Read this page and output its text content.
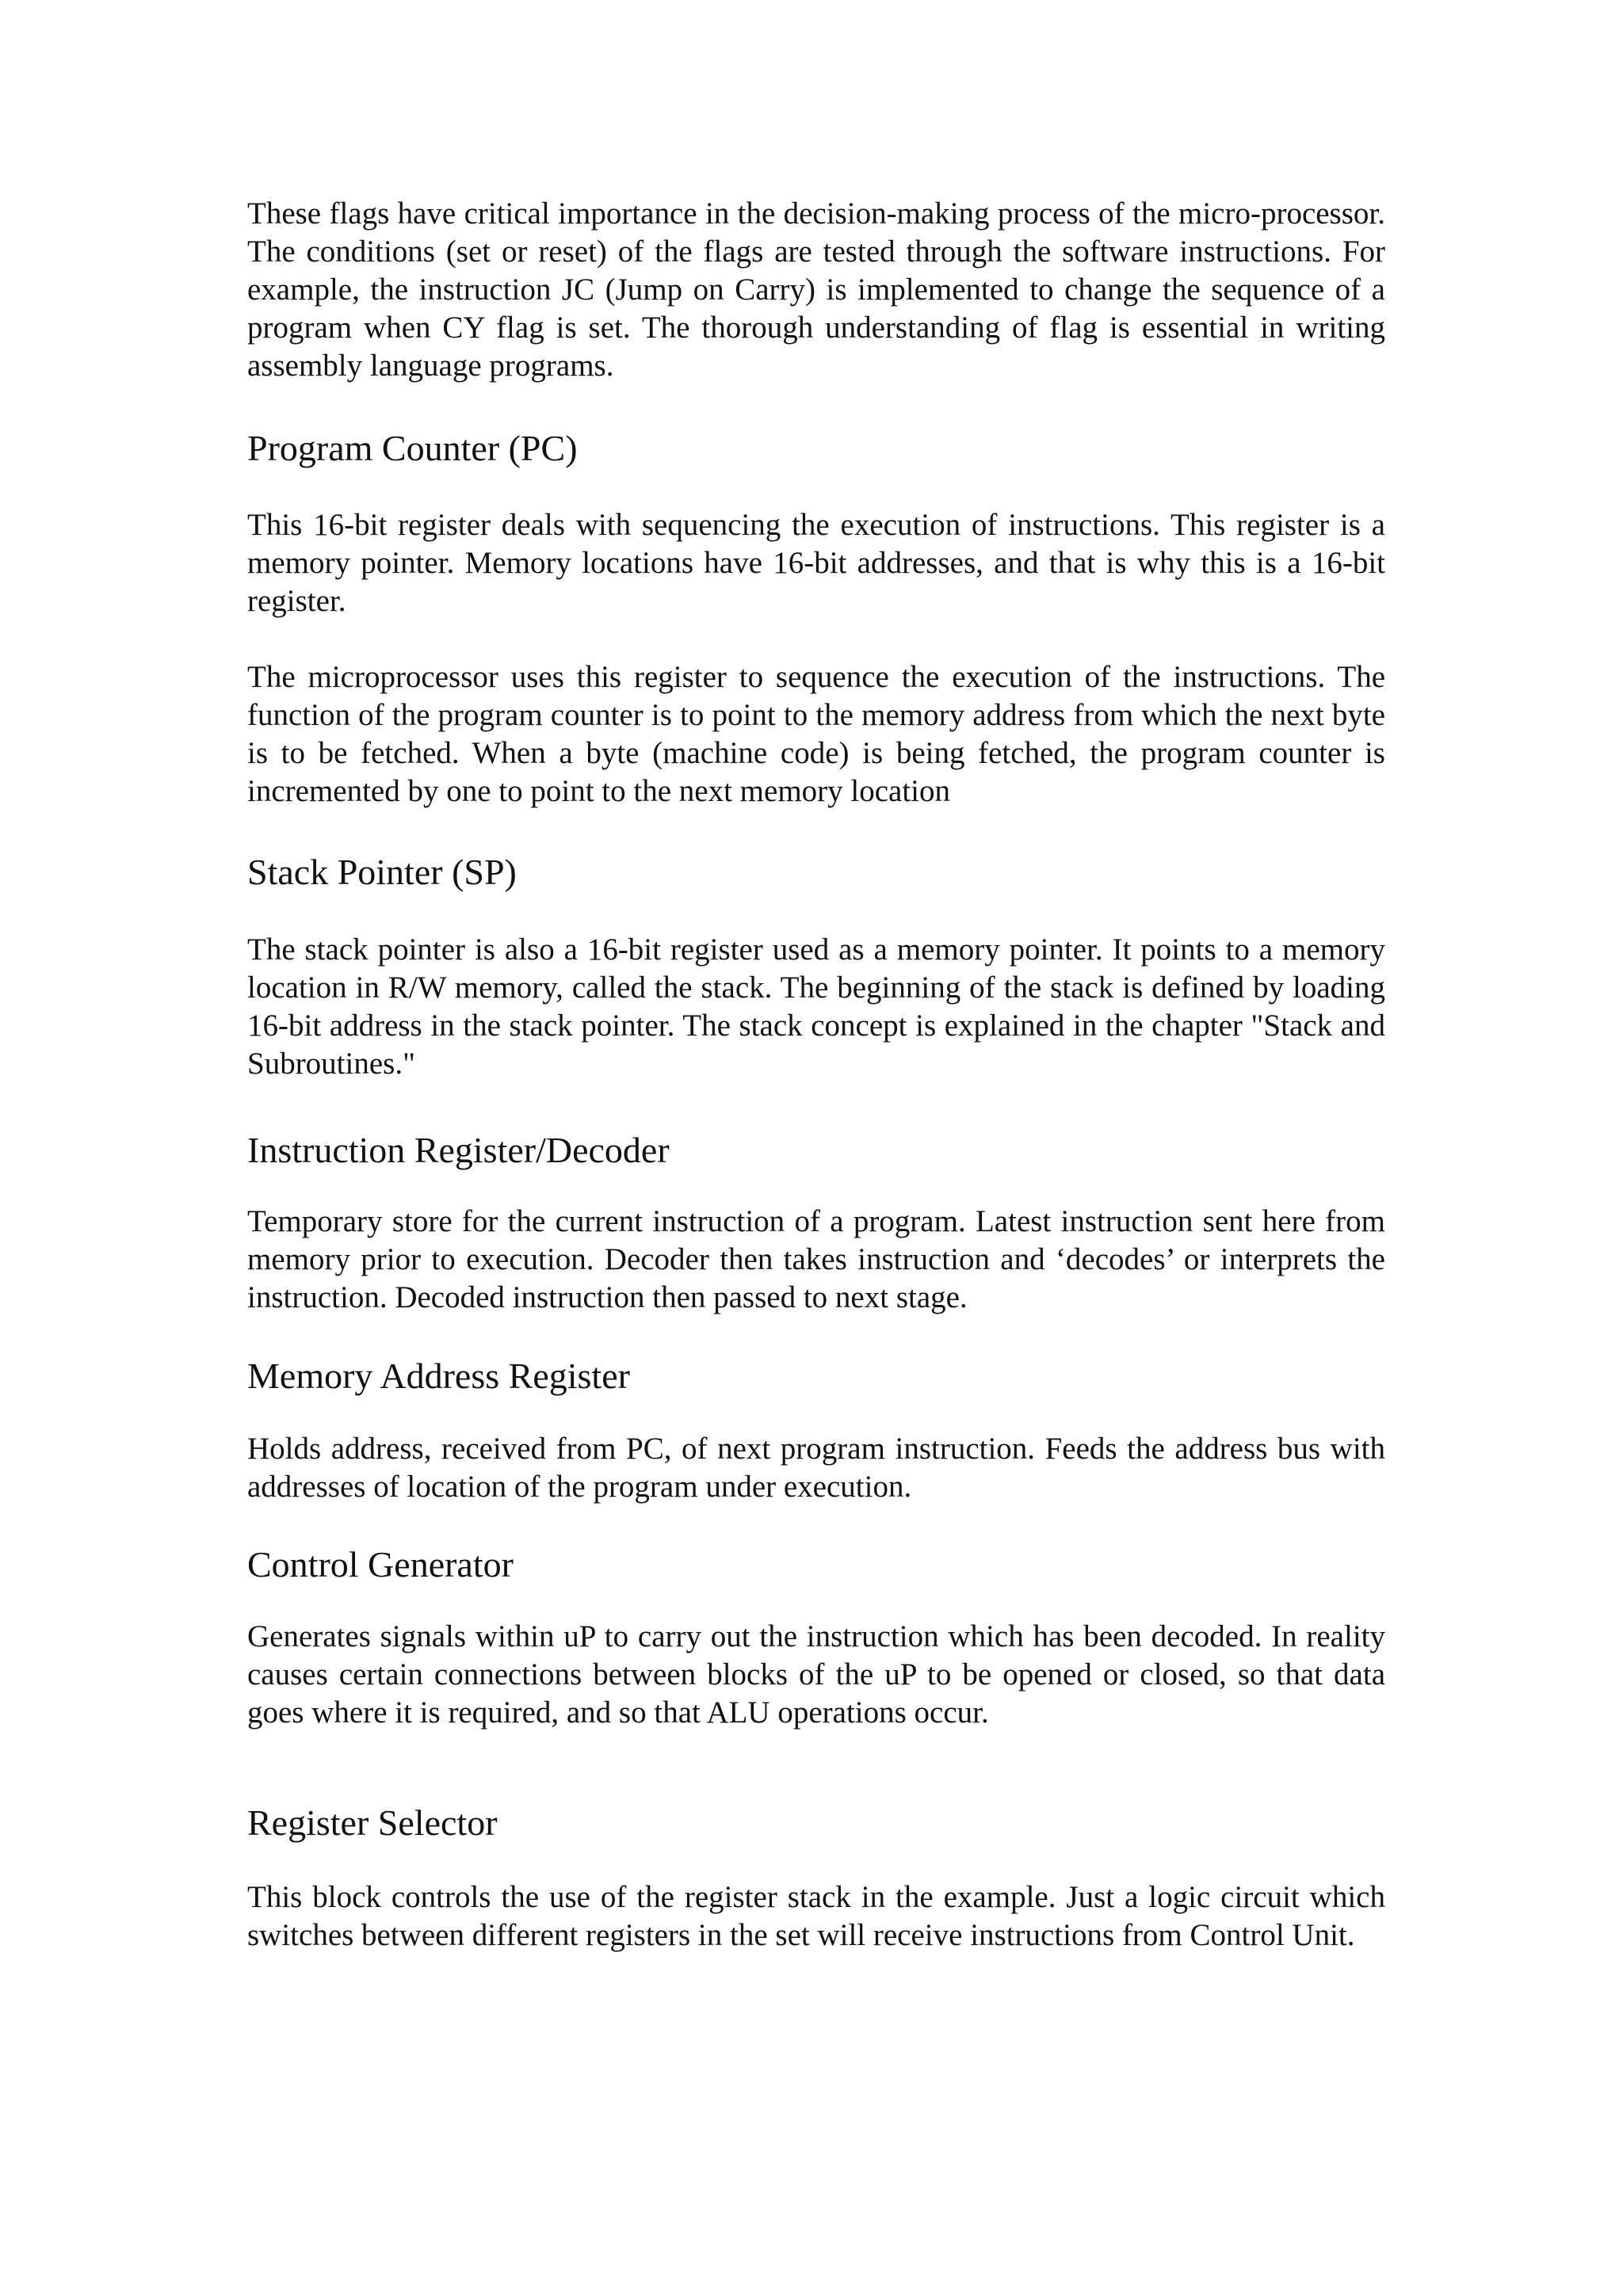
These flags have critical importance in the decision-making process of the micro-processor. The conditions (set or reset) of the flags are tested through the software instructions. For example, the instruction JC (Jump on Carry) is implemented to change the sequence of a program when CY flag is set. The thorough understanding of flag is essential in writing assembly language programs.

Program Counter (PC)

This 16-bit register deals with sequencing the execution of instructions. This register is a memory pointer. Memory locations have 16-bit addresses, and that is why this is a 16-bit register.

The microprocessor uses this register to sequence the execution of the instructions. The function of the program counter is to point to the memory address from which the next byte is to be fetched. When a byte (machine code) is being fetched, the program counter is incremented by one to point to the next memory location

Stack Pointer (SP)

The stack pointer is also a 16-bit register used as a memory pointer. It points to a memory location in R/W memory, called the stack. The beginning of the stack is defined by loading 16-bit address in the stack pointer. The stack concept is explained in the chapter "Stack and Subroutines."

Instruction Register/Decoder

Temporary store for the current instruction of a program. Latest instruction sent here from memory prior to execution. Decoder then takes instruction and ‘decodes’ or interprets the instruction. Decoded instruction then passed to next stage.

Memory Address Register

Holds address, received from PC, of next program instruction. Feeds the address bus with addresses of location of the program under execution.

Control Generator

Generates signals within uP to carry out the instruction which has been decoded. In reality causes certain connections between blocks of the uP to be opened or closed, so that data goes where it is required, and so that ALU operations occur.

Register Selector

This block controls the use of the register stack in the example. Just a logic circuit which switches between different registers in the set will receive instructions from Control Unit.
